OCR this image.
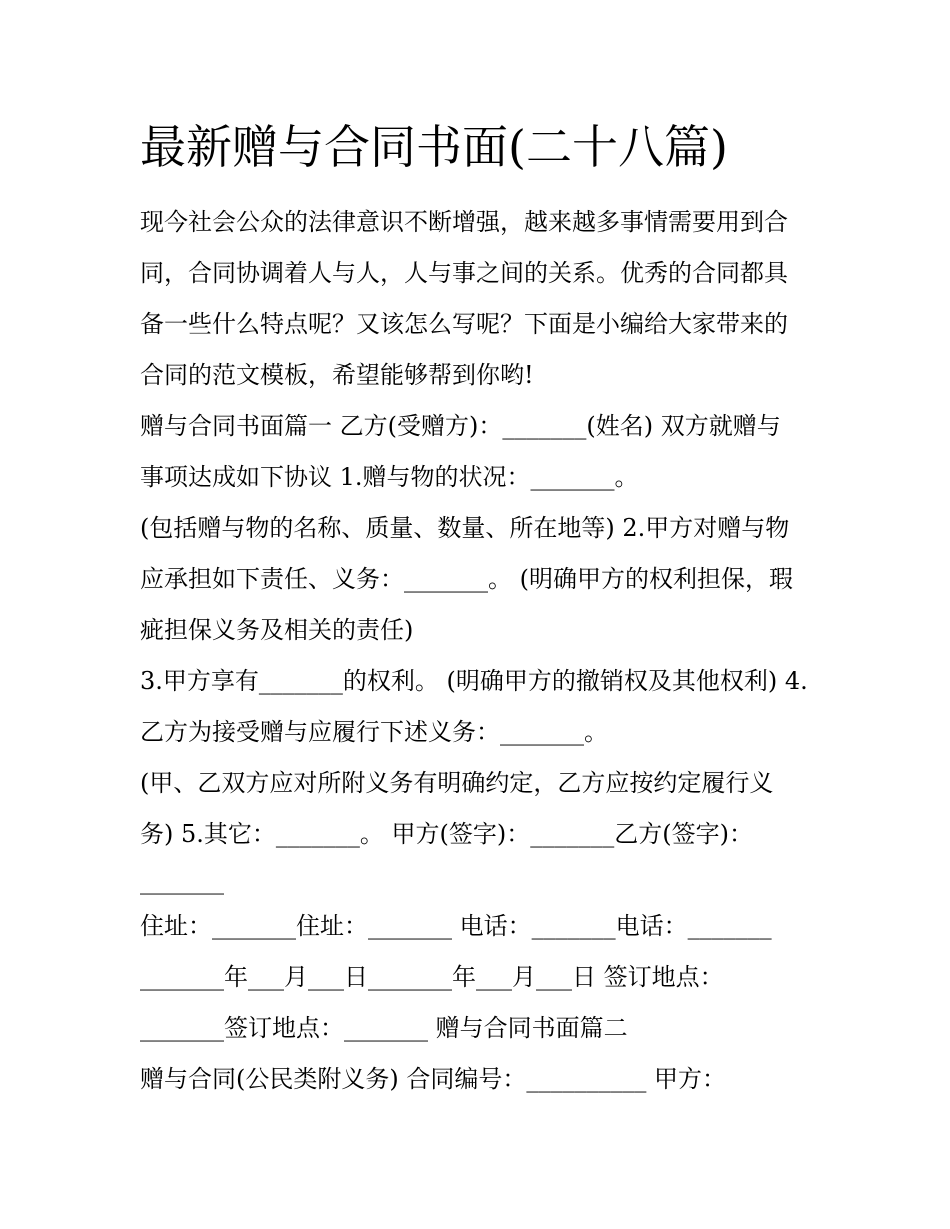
最新赠与合同书面(二十八篇)

现今社会公众的法律意识不断增强，越来越多事情需要用到合

同，合同协调着人与人，人与事之间的关系。优秀的合同都具

备一些什么特点呢？又该怎么写呢？下面是小编给大家带来的

合同的范文模板，希望能够帮到你哟!

赠与合同书面篇一 乙方(受赠方)：_______(姓名) 双方就赠与

事项达成如下协议 1.赠与物的状况：_______。

(包括赠与物的名称、质量、数量、所在地等) 2.甲方对赠与物

应承担如下责任、义务：_______。 (明确甲方的权利担保，瑕

疵担保义务及相关的责任)

3.甲方享有_______的权利。 (明确甲方的撤销权及其他权利) 4.

乙方为接受赠与应履行下述义务：_______。

(甲、乙双方应对所附义务有明确约定，乙方应按约定履行义

务) 5.其它：_______。 甲方(签字)：_______乙方(签字)：

_______

住址：_______住址：_______ 电话：_______电话：_______

_______年___月___日_______年___月___日 签订地点：

_______签订地点：_______ 赠与合同书面篇二

赠与合同(公民类附义务) 合同编号：__________ 甲方：
